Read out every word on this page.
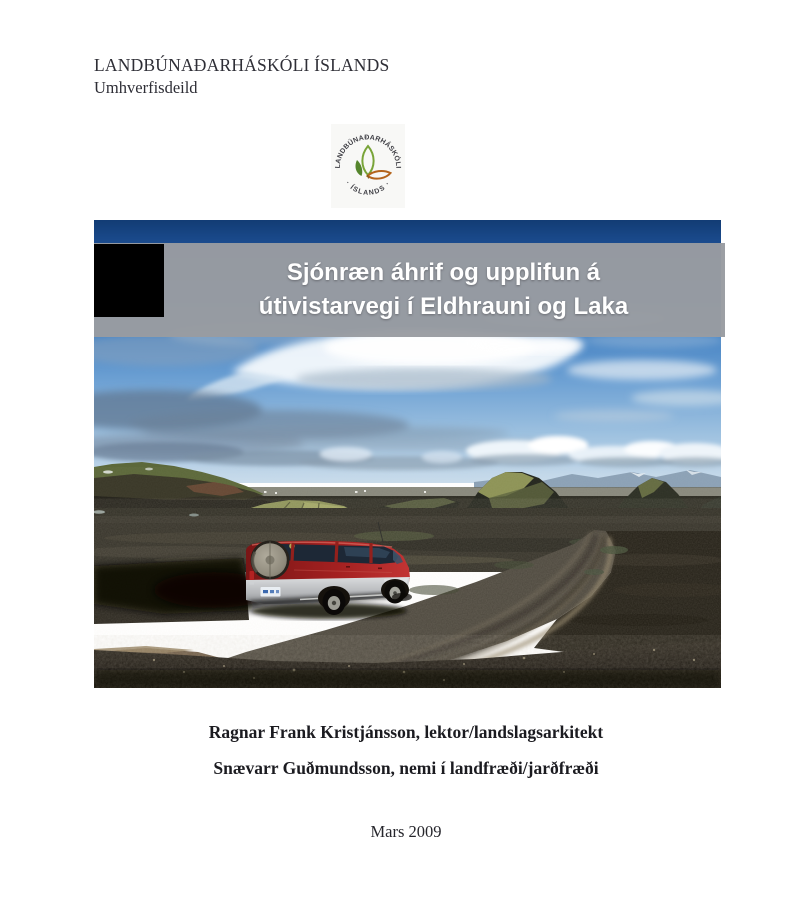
LANDBÚNAÐARHÁSKÓLI ÍSLANDS
Umhverfisdeild
LANDBÚNAÐARHÁSKÓLI
· ÍSLANDS ·
Sjónræn áhrif og upplifun á
útivistarvegi í Eldhrauni og Laka
Ragnar Frank Kristjánsson, lektor/landslagsarkitekt
Snævarr Guðmundsson, nemi í landfræði/jarðfræði
Mars 2009
